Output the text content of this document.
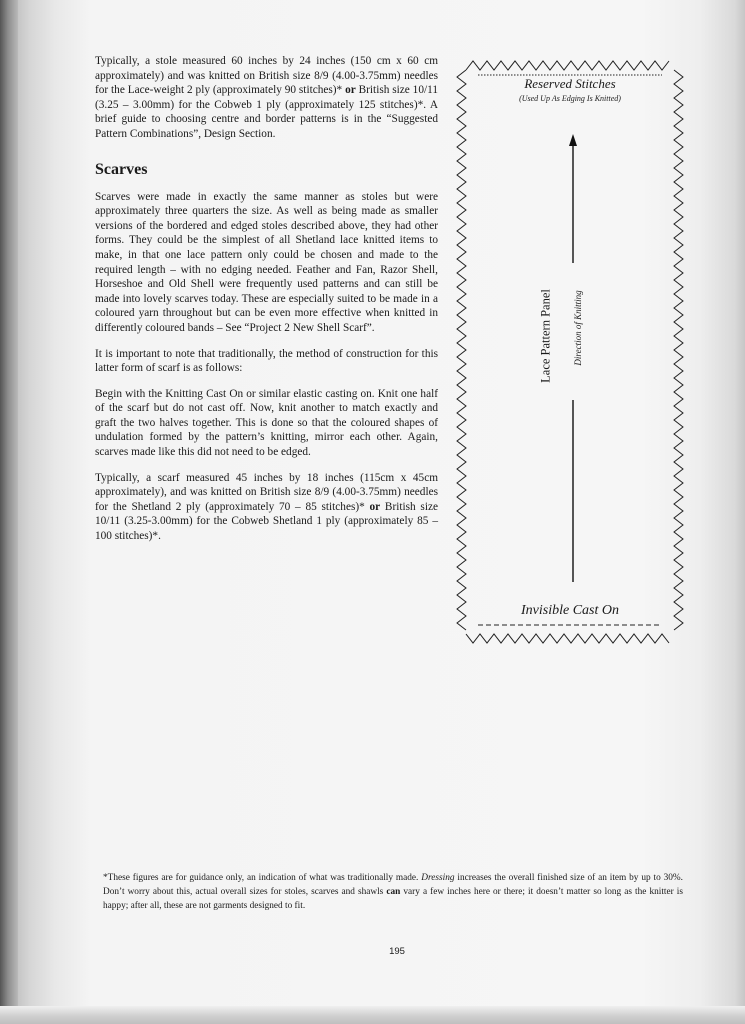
Typically, a stole measured 60 inches by 24 inches (150 cm x 60 cm approximately) and was knitted on British size 8/9 (4.00-3.75mm) needles for the Lace-weight 2 ply (approximately 90 stitches)* or British size 10/11 (3.25 – 3.00mm) for the Cobweb 1 ply (approximately 125 stitches)*. A brief guide to choosing centre and border patterns is in the “Suggested Pattern Combinations”, Design Section.

Scarves

Scarves were made in exactly the same manner as stoles but were approximately three quarters the size. As well as being made as smaller versions of the bordered and edged stoles described above, they had other forms. They could be the simplest of all Shetland lace knitted items to make, in that one lace pattern only could be chosen and made to the required length – with no edging needed. Feather and Fan, Razor Shell, Horseshoe and Old Shell were frequently used patterns and can still be made into lovely scarves today. These are especially suited to be made in a coloured yarn throughout but can be even more effective when knitted in differently coloured bands – See “Project 2 New Shell Scarf”.

It is important to note that traditionally, the method of construction for this latter form of scarf is as follows:

Begin with the Knitting Cast On or similar elastic casting on. Knit one half of the scarf but do not cast off. Now, knit another to match exactly and graft the two halves together. This is done so that the coloured shapes of undulation formed by the pattern’s knitting, mirror each other. Again, scarves made like this did not need to be edged.

Typically, a scarf measured 45 inches by 18 inches (115cm x 45cm approximately), and was knitted on British size 8/9 (4.00-3.75mm) needles for the Shetland 2 ply (approximately 70 – 85 stitches)* or British size 10/11 (3.25-3.00mm) for the Cobweb Shetland 1 ply (approximately 85 – 100 stitches)*.

Reserved Stitches
(Used Up As Edging Is Knitted)
Lace Pattern Panel Direction of Knitting
Invisible Cast On
*These figures are for guidance only, an indication of what was traditionally made. Dressing increases the overall finished size of an item by up to 30%. Don’t worry about this, actual overall sizes for stoles, scarves and shawls can vary a few inches here or there; it doesn’t matter so long as the knitter is happy; after all, these are not garments designed to fit.
195
